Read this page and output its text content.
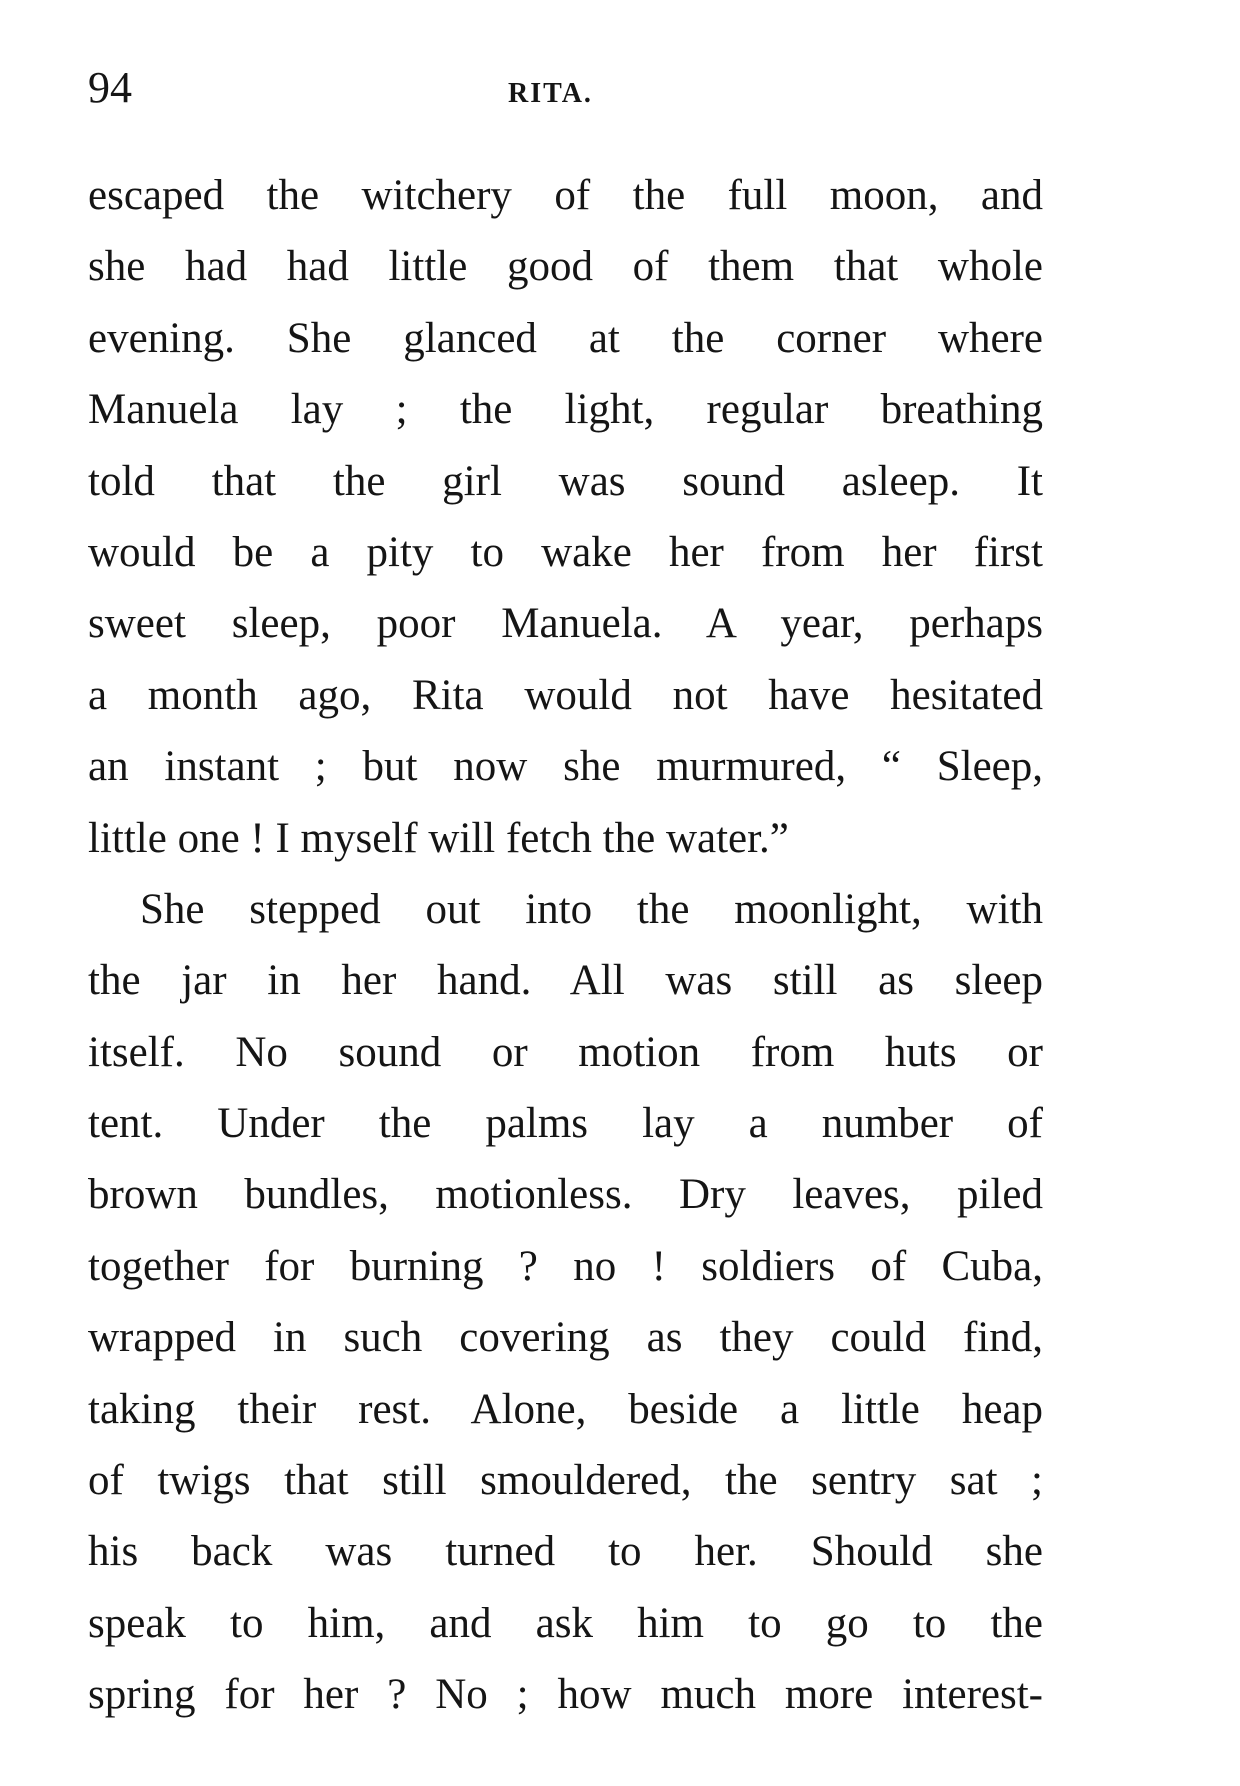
94	RITA.
escaped the witchery of the full moon, and
she had had little good of them that whole
evening. She glanced at the corner where
Manuela lay ; the light, regular breathing
told that the girl was sound asleep. It
would be a pity to wake her from her first
sweet sleep, poor Manuela. A year, perhaps
a month ago, Rita would not have hesitated
an instant ; but now she murmured, “ Sleep,
little one ! I myself will fetch the water.”
She stepped out into the moonlight, with
the jar in her hand. All was still as sleep
itself. No sound or motion from huts or
tent. Under the palms lay a number of
brown bundles, motionless. Dry leaves, piled
together for burning ? no ! soldiers of Cuba,
wrapped in such covering as they could find,
taking their rest. Alone, beside a little heap
of twigs that still smouldered, the sentry sat ;
his back was turned to her. Should she
speak to him, and ask him to go to the
spring for her ? No ; how much more interest-
